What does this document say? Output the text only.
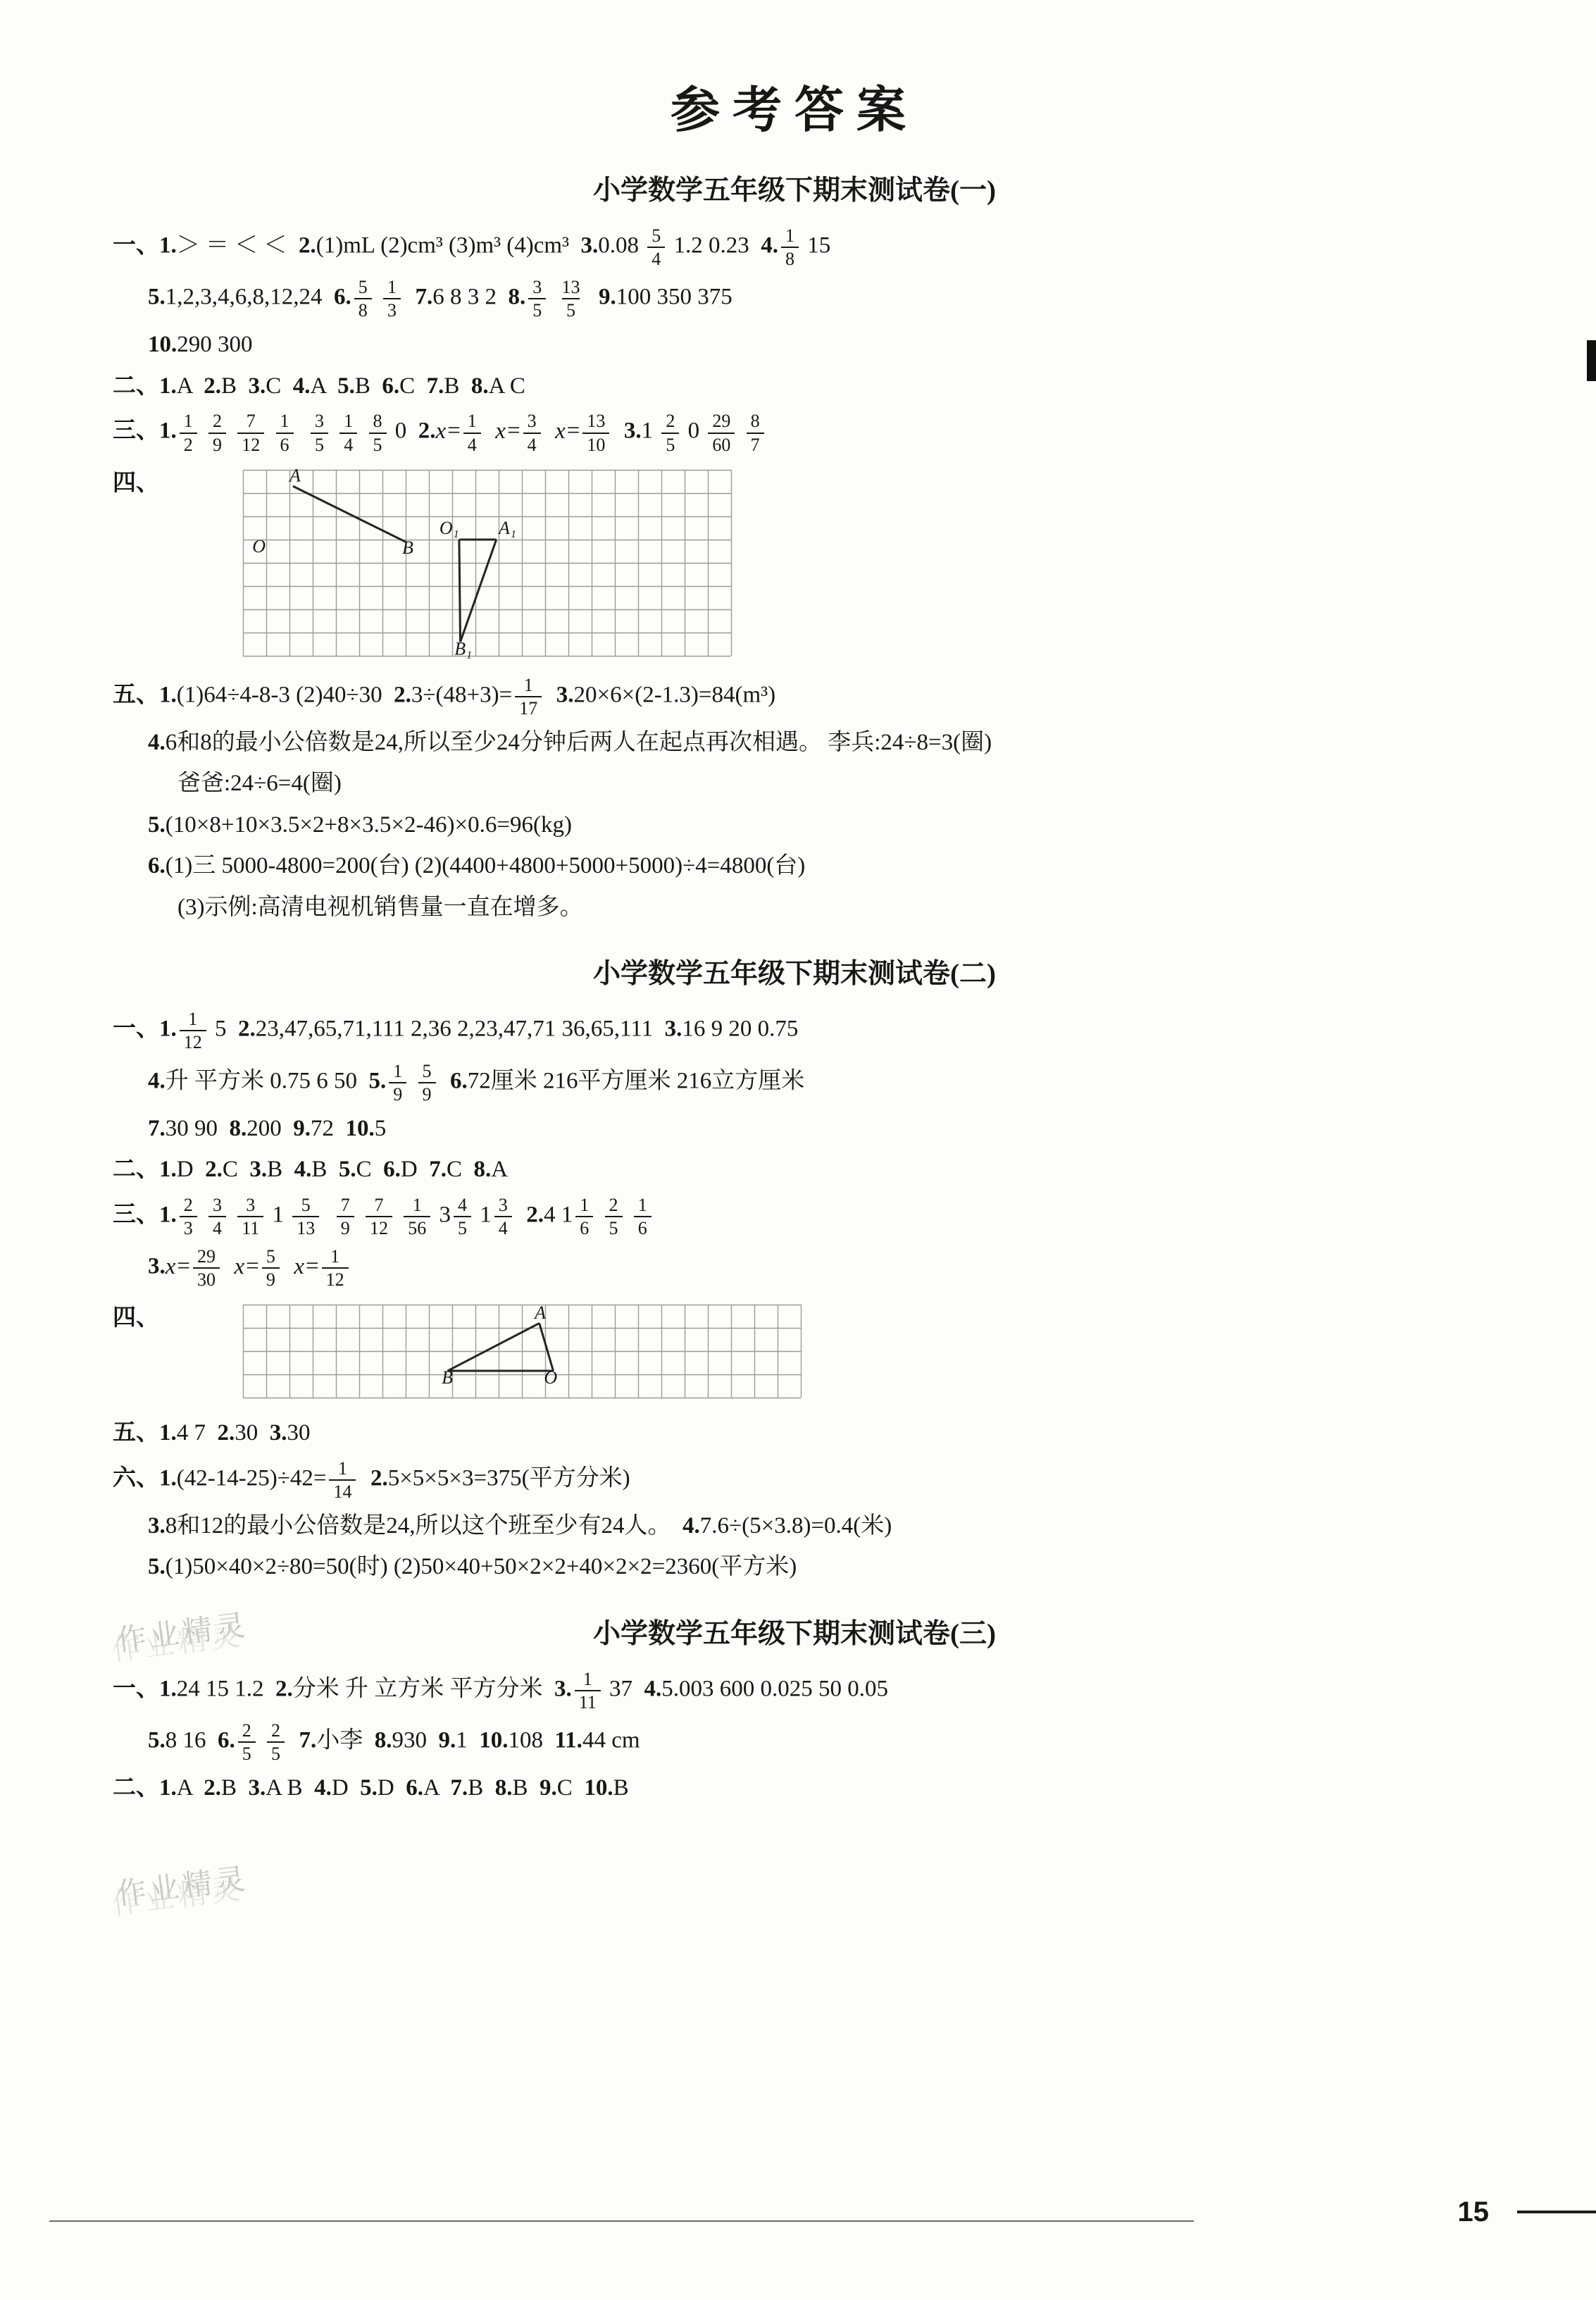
作业精灵
作业精灵
参考答案
小学数学五年级下期末测试卷(一)
一、1.＞ ＝ ＜ ＜  2.(1)mL (2)cm³ (3)m³ (4)cm³  $3.0.08 \frac{5}{4} 1.2$ 0.23  4. $\frac{1}{8} 15$
5.1,2,3,4,6,8,12,24  6. $\frac{5}{8}$
$\frac{1}{3} 7.6$ 8 3 2  8. $\frac{3}{5}$
$\frac{13}{5} 9.100$ 350 375
10.290 300
二、1.A  2.B  3.C  4.A  5.B  6.C  7.B  8.A C
三、1. $\frac{1}{2}$
$\frac{2}{9}$
$\frac{7}{12}$
$\frac{1}{6}$
$\frac{3}{5}$
$\frac{1}{4}$
$\frac{8}{5} 0$  $2.x= \frac{1}{4} x= \frac{3}{4} x= \frac{13}{10} 3.1 \frac{2}{5} 0 \frac{29}{60}$
$\frac{8}{7}$
四、	A
O	B
O₁ A₁
B₁
五、1.(1)64÷4-8-3 (2)40÷30  $2.3\div(48+3)= \frac{1}{17} 3.20\times 6\times(2-1.3)=84(m^3)$
4.6和8的最小公倍数是24,所以至少24分钟后两人在起点再次相遇。 李兵:24÷8=3(圈)
爸爸:24÷6=4(圈)
5.(10×8+10×3.5×2+8×3.5×2-46)×0.6=96(kg)
6.(1)三 5000-4800=200(台) (2)(4400+4800+5000+5000)÷4=4800(台)
(3)示例:高清电视机销售量一直在增多。
小学数学五年级下期末测试卷(二)
一、1. $\frac{1}{12} 5$  2.23,47,65,71,111 2,36 2,23,47,71 36,65,111  3.16 9 20 0.75
4.升 平方米 0.75 6 50  5. $\frac{1}{9}$
$\frac{5}{9} 6.72$厘米 216平方厘米 216立方厘米
7.30 90  8.200  9.72  10.5
二、1.D  2.C  3.B  4.B  5.C  6.D  7.C  8.A
三、1. $\frac{2}{3}$
$\frac{3}{4}$
$\frac{3}{11} 1 \frac{5}{13}$
$\frac{7}{9}$
$\frac{7}{12}$
$\frac{1}{56} 3 \frac{4}{5} 1 \frac{3}{4} 2.4$ $1 \frac{1}{6}$
$\frac{2}{5}$
$\frac{1}{6}$
$3.x= \frac{29}{30} x= \frac{5}{9} x= \frac{1}{12}$
四、	A
B	O
五、1.4 7  2.30  3.30
六、$1.(42-14-25)\div 42= \frac{1}{14} 2.5\times 5\times 5\times 3=375$(平方分米)
3.8和12的最小公倍数是24,所以这个班至少有24人。  4.7.6÷(5×3.8)=0.4(米)
5.(1)50×40×2÷80=50(时) (2)50×40+50×2×2+40×2×2=2360(平方米)
小学数学五年级下期末测试卷(三)
一、1.24 15 1.2  2.分米 升 立方米 平方分米  3. $\frac{1}{11} 37$  4.5.003 600 0.025 50 0.05
5.8 16  6. $\frac{2}{5}$
$\frac{2}{5} 7$.小李  8.930  9.1  10.108  11.44 cm
二、1.A  2.B  3.A B  4.D  5.D  6.A  7.B  8.B  9.C  10.B
15
